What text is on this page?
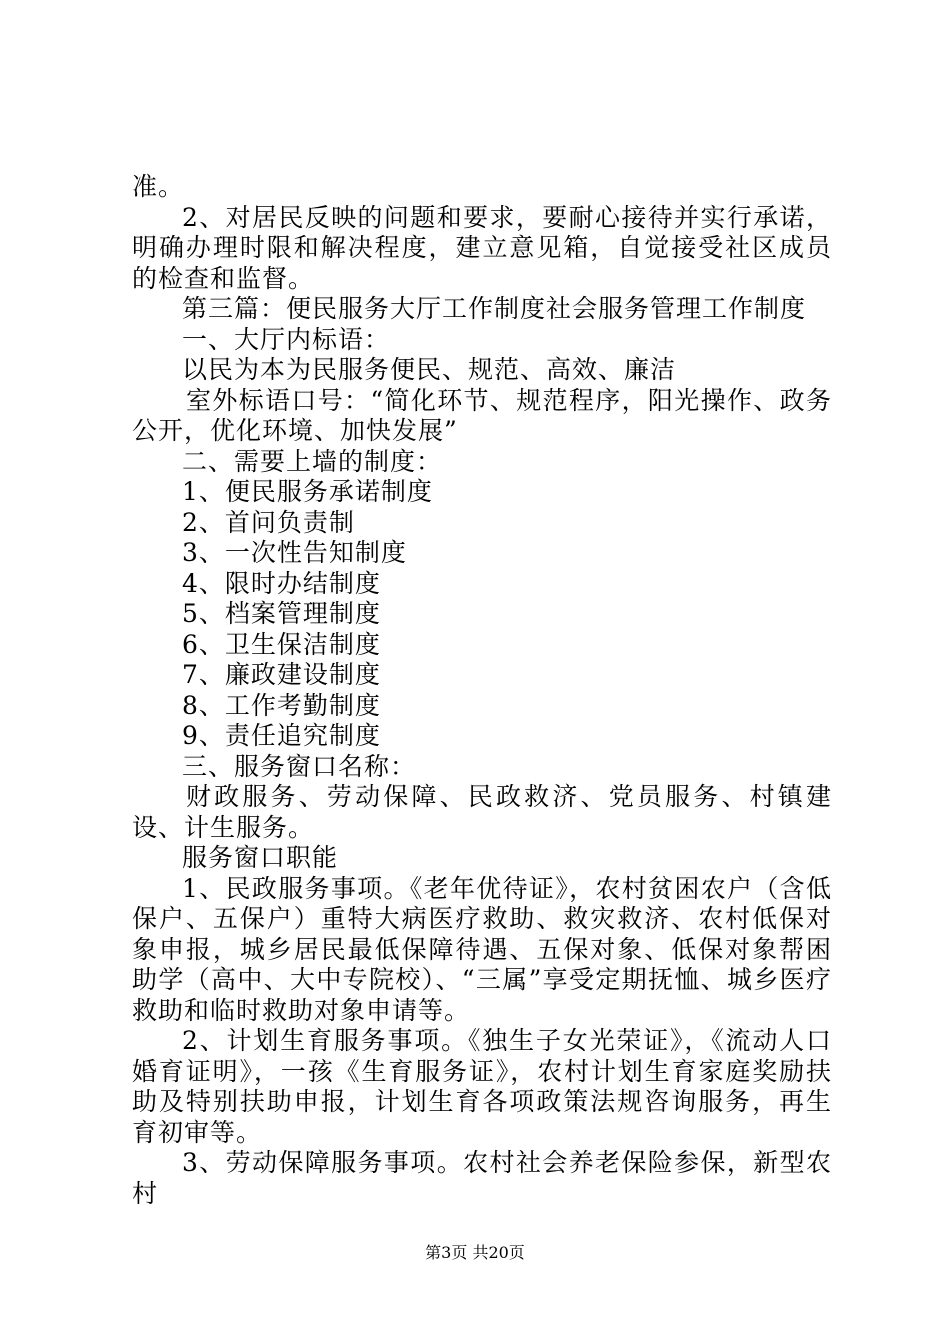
准。

2、对居民反映的问题和要求，要耐心接待并实行承诺，明确办理时限和解决程度，建立意见箱，自觉接受社区成员的检查和监督。

第三篇：便民服务大厅工作制度社会服务管理工作制度

一、大厅内标语：

以民为本为民服务便民、规范、高效、廉洁

室外标语口号：“简化环节、规范程序，阳光操作、政务公开，优化环境、加快发展”

二、需要上墙的制度：

1、便民服务承诺制度

2、首问负责制

3、一次性告知制度

4、限时办结制度

5、档案管理制度

6、卫生保洁制度

7、廉政建设制度

8、工作考勤制度

9、责任追究制度

三、服务窗口名称：

财政服务、劳动保障、民政救济、党员服务、村镇建设、计生服务。

服务窗口职能

1、民政服务事项。《老年优待证》，农村贫困农户（含低保户、五保户）重特大病医疗救助、救灾救济、农村低保对象申报，城乡居民最低保障待遇、五保对象、低保对象帮困助学（高中、大中专院校）、“三属”享受定期抚恤、城乡医疗救助和临时救助对象申请等。

2、计划生育服务事项。《独生子女光荣证》，《流动人口婚育证明》，一孩《生育服务证》，农村计划生育家庭奖励扶助及特别扶助申报，计划生育各项政策法规咨询服务，再生育初审等。

3、劳动保障服务事项。农村社会养老保险参保，新型农村

第3页 共20页
